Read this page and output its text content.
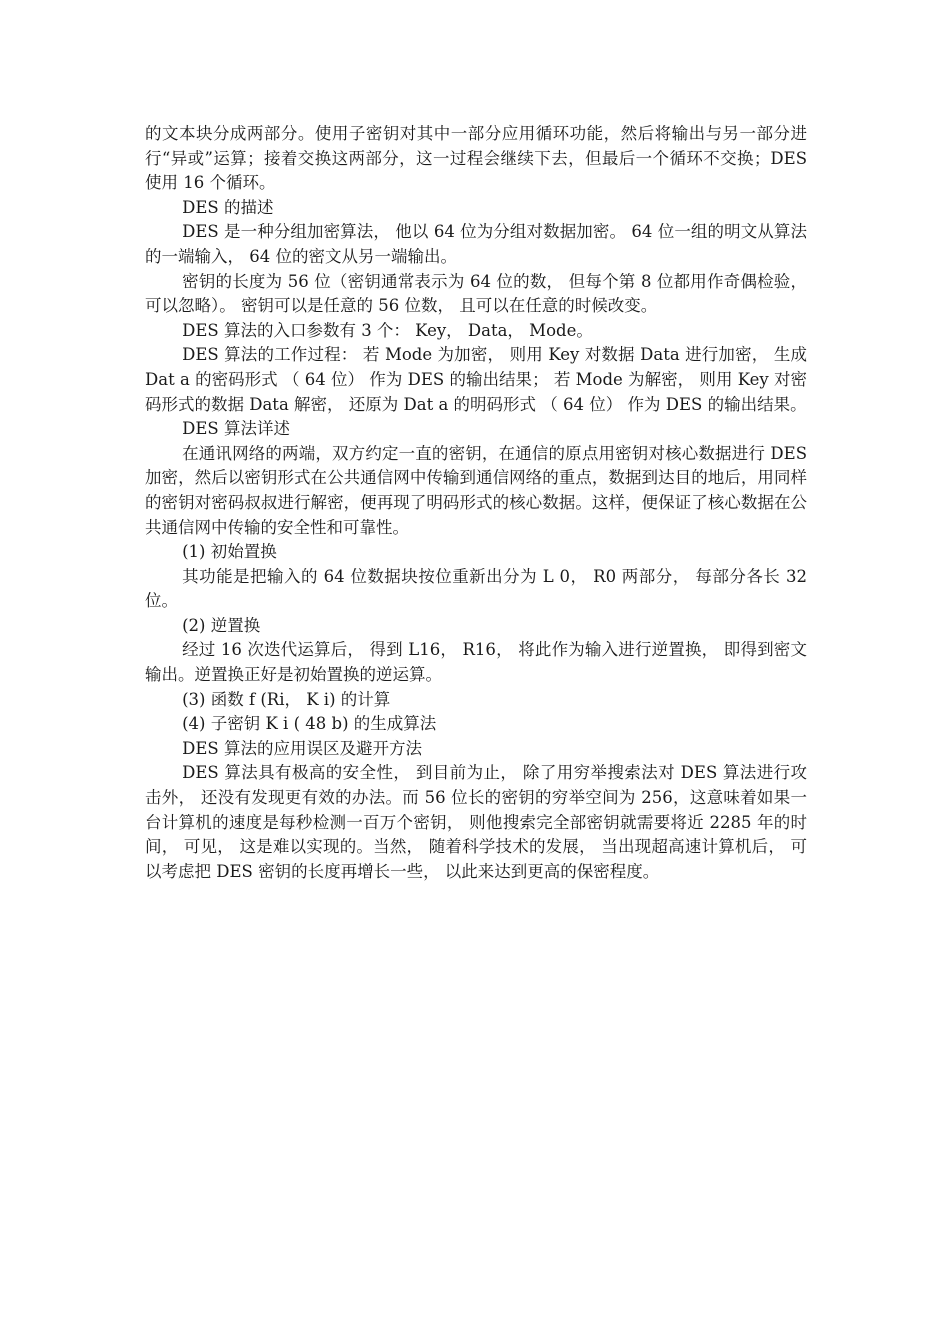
的文本块分成两部分。使用子密钥对其中一部分应用循环功能，然后将输出与另一部分进行“异或”运算；接着交换这两部分，这一过程会继续下去，但最后一个循环不交换；DES 使用 16 个循环。

DES 的描述

DES 是一种分组加密算法， 他以 64 位为分组对数据加密。 64 位一组的明文从算法的一端输入， 64 位的密文从另一端输出。

密钥的长度为 56 位（密钥通常表示为 64 位的数， 但每个第 8 位都用作奇偶检验， 可以忽略）。 密钥可以是任意的 56 位数， 且可以在任意的时候改变。

DES 算法的入口参数有 3 个： Key， Data， Mode。

DES 算法的工作过程： 若 Mode 为加密， 则用 Key 对数据 Data 进行加密， 生成 Dat a 的密码形式 （ 64 位） 作为 DES 的输出结果； 若 Mode 为解密， 则用 Key 对密码形式的数据 Data 解密， 还原为 Dat a 的明码形式 （ 64 位） 作为 DES 的输出结果。

DES 算法详述

在通讯网络的两端，双方约定一直的密钥，在通信的原点用密钥对核心数据进行 DES 加密，然后以密钥形式在公共通信网中传输到通信网络的重点，数据到达目的地后，用同样的密钥对密码叔叔进行解密，便再现了明码形式的核心数据。这样，便保证了核心数据在公共通信网中传输的安全性和可靠性。

(1) 初始置换

其功能是把输入的 64 位数据块按位重新出分为 L 0， R0 两部分， 每部分各长 32 位。

(2) 逆置换

经过 16 次迭代运算后， 得到 L16， R16， 将此作为输入进行逆置换， 即得到密文输出。逆置换正好是初始置换的逆运算。

(3) 函数 f (Ri， K i) 的计算

(4) 子密钥 K i ( 48 b) 的生成算法

DES 算法的应用误区及避开方法

DES 算法具有极高的安全性， 到目前为止， 除了用穷举搜索法对 DES 算法进行攻击外， 还没有发现更有效的办法。而 56 位长的密钥的穷举空间为 256，这意味着如果一台计算机的速度是每秒检测一百万个密钥， 则他搜索完全部密钥就需要将近 2285 年的时间， 可见， 这是难以实现的。当然， 随着科学技术的发展， 当出现超高速计算机后， 可以考虑把 DES 密钥的长度再增长一些， 以此来达到更高的保密程度。
